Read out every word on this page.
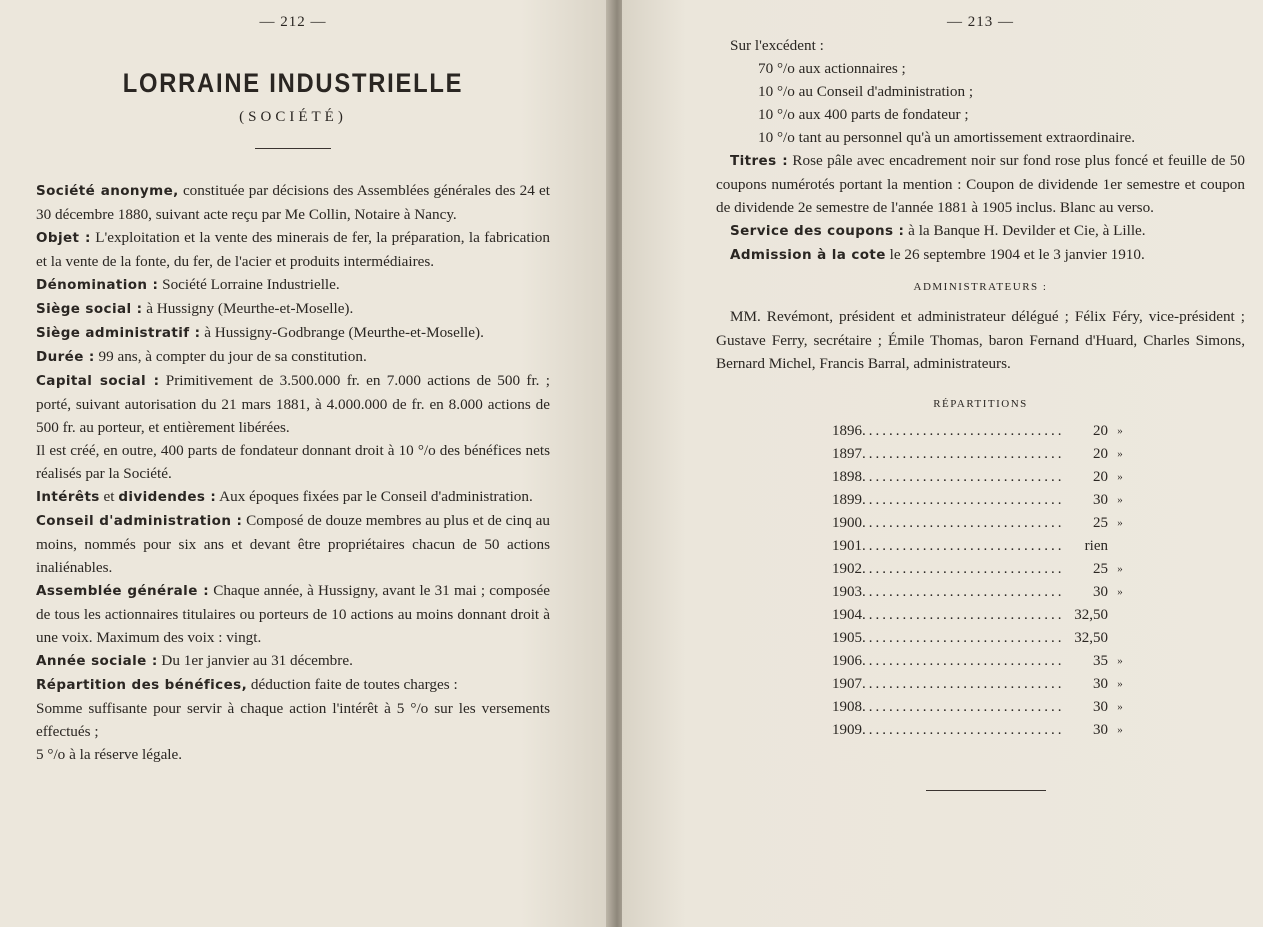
— 212 —
LORRAINE INDUSTRIELLE
(SOCIÉTÉ)

Société anonyme, constituée par décisions des Assemblées générales des 24 et 30 décembre 1880, suivant acte reçu par Me Collin, Notaire à Nancy.

Objet : L'exploitation et la vente des minerais de fer, la préparation, la fabrication et la vente de la fonte, du fer, de l'acier et produits intermédiaires.

Dénomination : Société Lorraine Industrielle.

Siège social : à Hussigny (Meurthe-et-Moselle).

Siège administratif : à Hussigny-Godbrange (Meurthe-et-Moselle).

Durée : 99 ans, à compter du jour de sa constitution.

Capital social : Primitivement de 3.500.000 fr. en 7.000 actions de 500 fr. ; porté, suivant autorisation du 21 mars 1881, à 4.000.000 de fr. en 8.000 actions de 500 fr. au porteur, et entièrement libérées.

Il est créé, en outre, 400 parts de fondateur donnant droit à 10 °/o des bénéfices nets réalisés par la Société.

Intérêts et dividendes : Aux époques fixées par le Conseil d'administration.

Conseil d'administration : Composé de douze membres au plus et de cinq au moins, nommés pour six ans et devant être propriétaires chacun de 50 actions inaliénables.

Assemblée générale : Chaque année, à Hussigny, avant le 31 mai ; composée de tous les actionnaires titulaires ou porteurs de 10 actions au moins donnant droit à une voix. Maximum des voix : vingt.

Année sociale : Du 1er janvier au 31 décembre.

Répartition des bénéfices, déduction faite de toutes charges :

Somme suffisante pour servir à chaque action l'intérêt à 5 °/o sur les versements effectués ;

5 °/o à la réserve légale.

— 213 —

Sur l'excédent :

70 °/o aux actionnaires ;

10 °/o au Conseil d'administration ;

10 °/o aux 400 parts de fondateur ;

10 °/o tant au personnel qu'à un amortissement extraordinaire.

Titres : Rose pâle avec encadrement noir sur fond rose plus foncé et feuille de 50 coupons numérotés portant la mention : Coupon de dividende 1er semestre et coupon de dividende 2e semestre de l'année 1881 à 1905 inclus. Blanc au verso.

Service des coupons : à la Banque H. Devilder et Cie, à Lille.

Admission à la cote le 26 septembre 1904 et le 3 janvier 1910.

ADMINISTRATEURS :

MM. Revémont, président et administrateur délégué ; Félix Féry, vice-président ; Gustave Ferry, secrétaire ; Émile Thomas, baron Fernand d'Huard, Charles Simons, Bernard Michel, Francis Barral, administrateurs.

RÉPARTITIONS
1896..............................	20 »
1897..............................	20 »
1898..............................	20 »
1899..............................	30 »
1900..............................	25 »
1901..............................	rien
1902..............................	25 »
1903..............................	30 »
1904.............................. 32,50
1905.............................. 32,50
1906..............................	35 »
1907..............................	30 »
1908..............................	30 »
1909..............................	30 »
